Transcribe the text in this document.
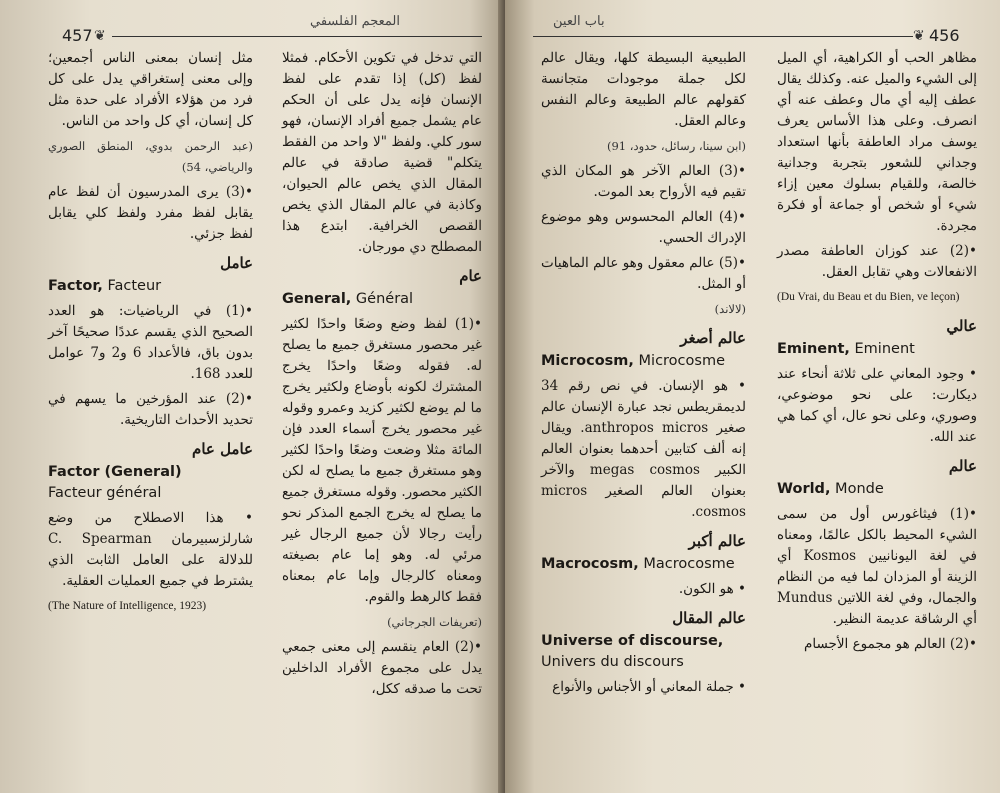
457 ❦
المعجم الفلسفي

مثل إنسان بمعنى الناس أجمعين؛ وإلى معنى إستغراقي يدل على كل فرد من هؤلاء الأفراد على حدة مثل كل إنسان، أي كل واحد من الناس.

(عبد الرحمن بدوي، المنطق الصوري والرياضي، 54)

•(3) يرى المدرسيون أن لفظ عام يقابل لفظ مفرد ولفظ كلي يقابل لفظ جزئي.

عامل
Factor, Facteur

•(1) في الرياضيات: هو العدد الصحيح الذي يقسم عددًا صحيحًا آخر بدون باق، فالأعداد 6 و2 و7 عوامل للعدد 168.

•(2) عند المؤرخين ما يسهم في تحديد الأحداث التاريخية.

عامل عام
Factor (General)
Facteur général

• هذا الاصطلاح من وضع شارلزسبيرمان C. Spearman للدلالة على العامل الثابت الذي يشترط في جميع العمليات العقلية.

(The Nature of Intelligence, 1923)

التي تدخل في تكوين الأحكام. فمثلا لفظ (كل) إذا تقدم على لفظ الإنسان فإنه يدل على أن الحكم عام يشمل جميع أفراد الإنسان، فهو سور كلي. ولفظ "لا واحد من الفقط يتكلم" قضية صادقة في عالم المقال الذي يخص عالم الحيوان، وكاذبة في عالم المقال الذي يخص القصص الخرافية. ابتدع هذا المصطلح دي مورجان.

عام
General, Général

•(1) لفظ وضع وضعًا واحدًا لكثير غير محصور مستغرق جميع ما يصلح له. فقوله وضعًا واحدًا يخرج المشترك لكونه بأوضاع ولكثير يخرج ما لم يوضع لكثير كزيد وعمرو وقوله غير محصور يخرج أسماء العدد فإن المائة مثلا وضعت وضعًا واحدًا لكثير وهو مستغرق جميع ما يصلح له لكن الكثير محصور. وقوله مستغرق جميع ما يصلح له يخرج الجمع المذكر نحو رأيت رجالا لأن جميع الرجال غير مرئي له. وهو إما عام بصيغته ومعناه كالرجال وإما عام بمعناه فقط كالرهط والقوم.

(تعريفات الجرجاني)

•(2) العام ينقسم إلى معنى جمعي يدل على مجموع الأفراد الداخلين تحت ما صدقه ككل،

❦ 456
باب العين

الطبيعية البسيطة كلها، ويقال عالم لكل جملة موجودات متجانسة كقولهم عالم الطبيعة وعالم النفس وعالم العقل.

(ابن سينا، رسائل، حدود، 91)

•(3) العالم الآخر هو المكان الذي تقيم فيه الأرواح بعد الموت.

•(4) العالم المحسوس وهو موضوع الإدراك الحسي.

•(5) عالم معقول وهو عالم الماهيات أو المثل.

(لالاند)

عالم أصغر
Microcosm, Microcosme

• هو الإنسان. في نص رقم 34 لديمقريطس نجد عبارة الإنسان عالم صغير anthropos micros. ويقال إنه ألف كتابين أحدهما بعنوان العالم الكبير megas cosmos والآخر بعنوان العالم الصغير micros cosmos.

عالم أكبر
Macrocosm, Macrocosme

• هو الكون.

عالم المقال
Universe of discourse,
Univers du discours

• جملة المعاني أو الأجناس والأنواع

مظاهر الحب أو الكراهية، أي الميل إلى الشيء والميل عنه. وكذلك يقال عطف إليه أي مال وعطف عنه أي انصرف. وعلى هذا الأساس يعرف يوسف مراد العاطفة بأنها استعداد وجداني للشعور بتجربة وجدانية خالصة، وللقيام بسلوك معين إزاء شيء أو شخص أو جماعة أو فكرة مجردة.

•(2) عند كوزان العاطفة مصدر الانفعالات وهي تقابل العقل.

(Du Vrai, du Beau et du Bien, ve leçon)
عالي
Eminent, Eminent

• وجود المعاني على ثلاثة أنحاء عند ديكارت: على نحو موضوعي، وصوري، وعلى نحو عال، أي كما هي عند الله.

عالم
World, Monde

•(1) فيثاغورس أول من سمى الشيء المحيط بالكل عالمًا، ومعناه في لغة اليونانيين Kosmos أي الزينة أو المزدان لما فيه من النظام والجمال، وفي لغة اللاتين Mundus أي الرشاقة عديمة النظير.

•(2) العالم هو مجموع الأجسام
